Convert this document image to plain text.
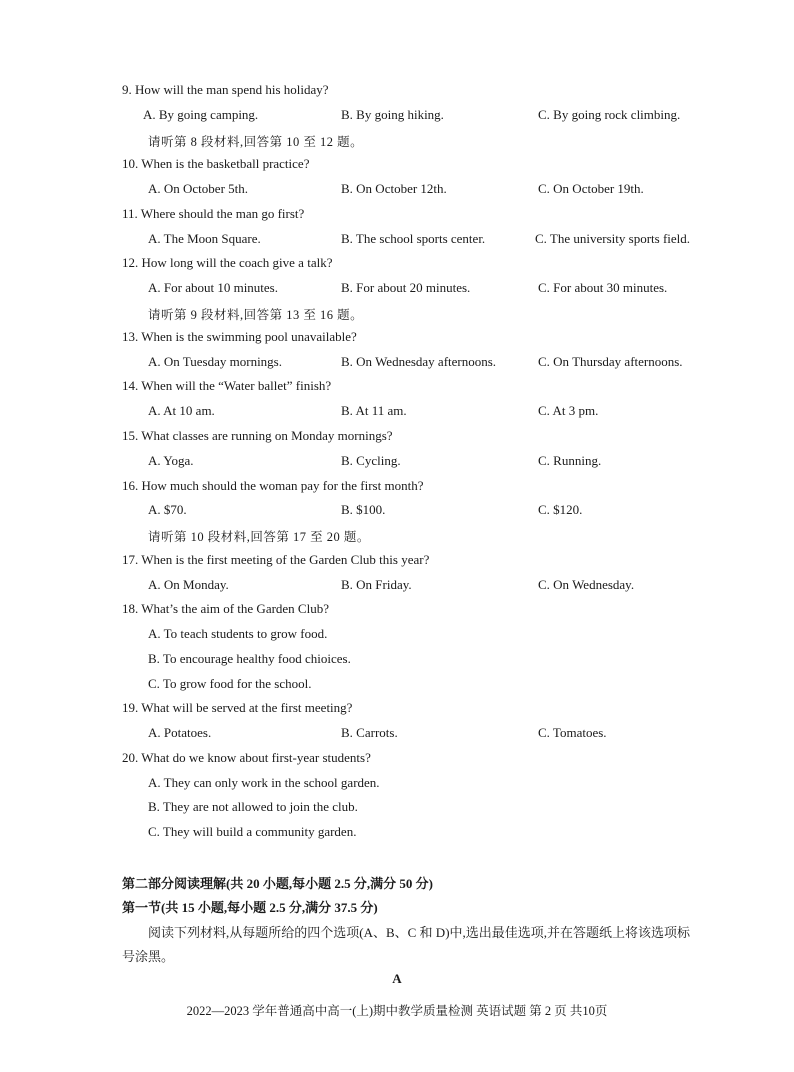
9. How will the man spend his holiday?
A. By going camping.	B. By going hiking.	C. By going rock climbing.
请听第 8 段材料,回答第 10 至 12 题。
10. When is the basketball practice?
A. On October 5th.	B. On October 12th.	C. On October 19th.
11. Where should the man go first?
A. The Moon Square.	B. The school sports center.	C. The university sports field.
12. How long will the coach give a talk?
A. For about 10 minutes.	B. For about 20 minutes.	C. For about 30 minutes.
请听第 9 段材料,回答第 13 至 16 题。
13. When is the swimming pool unavailable?
A. On Tuesday mornings.	B. On Wednesday afternoons.	C. On Thursday afternoons.
14. When will the “Water ballet” finish?
A. At 10 am.	B. At 11 am.	C. At 3 pm.
15. What classes are running on Monday mornings?
A. Yoga.	B. Cycling.	C. Running.
16. How much should the woman pay for the first month?
A. $70.	B. $100.	C. $120.
请听第 10 段材料,回答第 17 至 20 题。
17. When is the first meeting of the Garden Club this year?
A. On Monday.	B. On Friday.	C. On Wednesday.
18. What’s the aim of the Garden Club?
A. To teach students to grow food.
B. To encourage healthy food chioices.
C. To grow food for the school.
19. What will be served at the first meeting?
A. Potatoes.	B. Carrots.	C. Tomatoes.
20. What do we know about first-year students?
A. They can only work in the school garden.
B. They are not allowed to join the club.
C. They will build a community garden.
第二部分阅读理解(共 20 小题,每小题 2.5 分,满分 50 分)
第一节(共 15 小题,每小题 2.5 分,满分 37.5 分)
阅读下列材料,从每题所给的四个选项(A、B、C 和 D)中,选出最佳选项,并在答题纸上将该选项标
号涂黑。
A
2022—2023 学年普通高中高一(上)期中教学质量检测 英语试题 第 2 页 共10页
